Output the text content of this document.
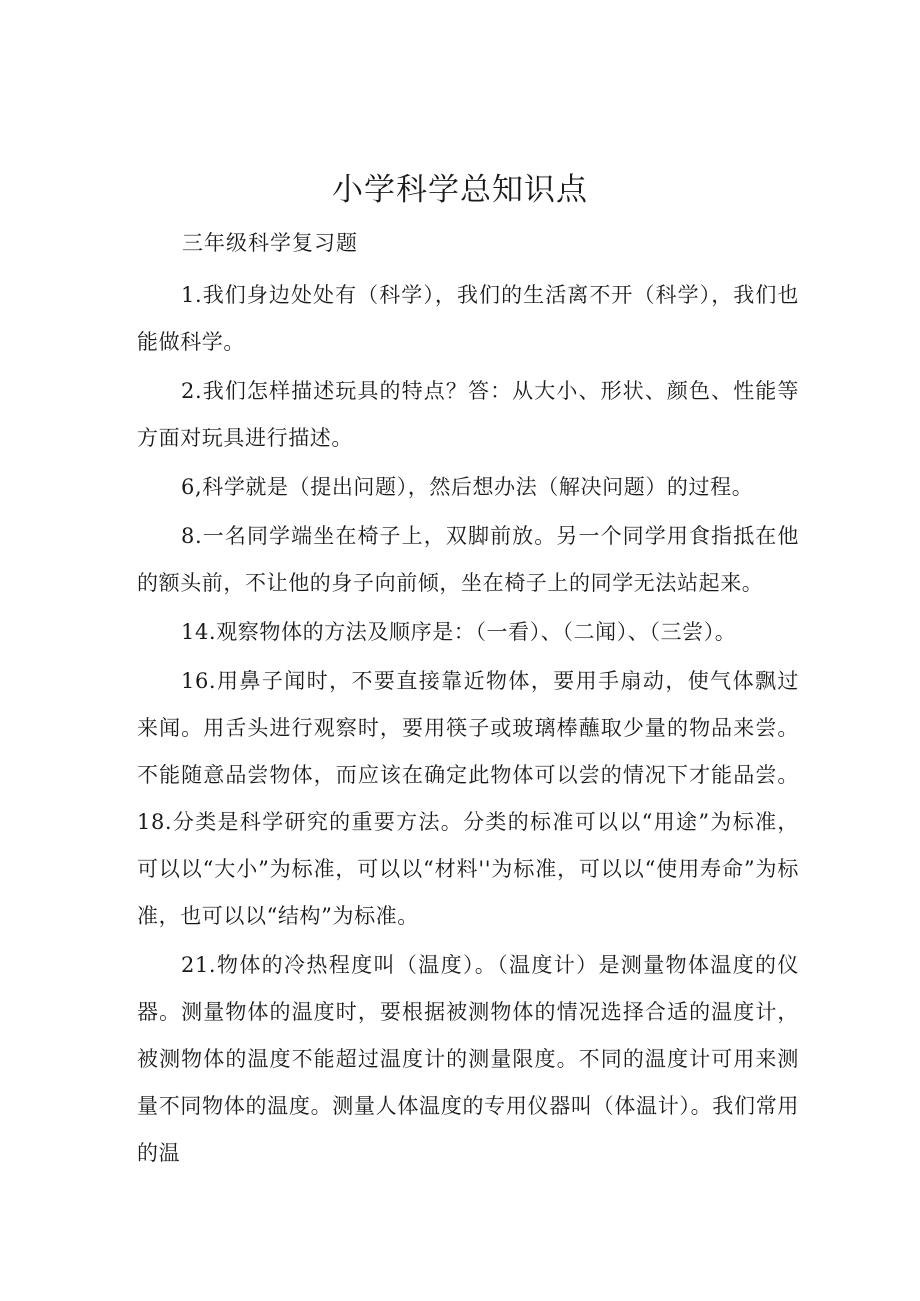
小学科学总知识点

三年级科学复习题

1.我们身边处处有（科学），我们的生活离不开（科学），我们也能做科学。

2.我们怎样描述玩具的特点？答：从大小、形状、颜色、性能等方面对玩具进行描述。

6,科学就是（提出问题），然后想办法（解决问题）的过程。

8.一名同学端坐在椅子上，双脚前放。另一个同学用食指抵在他的额头前，不让他的身子向前倾，坐在椅子上的同学无法站起来。

14.观察物体的方法及顺序是：（一看）、（二闻）、（三尝）。

16.用鼻子闻时，不要直接靠近物体，要用手扇动，使气体飘过来闻。用舌头进行观察时，要用筷子或玻璃棒蘸取少量的物品来尝。不能随意品尝物体，而应该在确定此物体可以尝的情况下才能品尝。18.分类是科学研究的重要方法。分类的标准可以以“用途”为标准，可以以“大小”为标准，可以以“材料''为标准，可以以“使用寿命”为标准，也可以以“结构”为标准。

21.物体的冷热程度叫（温度）。（温度计）是测量物体温度的仪器。测量物体的温度时，要根据被测物体的情况选择合适的温度计，被测物体的温度不能超过温度计的测量限度。不同的温度计可用来测量不同物体的温度。测量人体温度的专用仪器叫（体温计）。我们常用的温
